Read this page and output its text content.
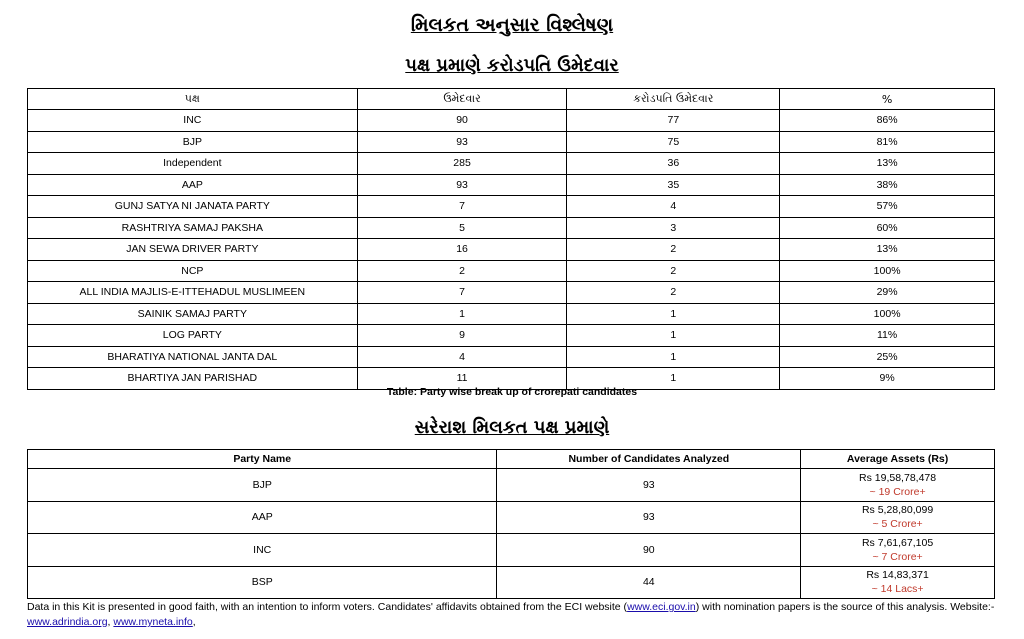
મિલકત અનુસાર વિશ્લેષણ
પક્ષ પ્રમાણે કરોડપતિ ઉમેદવાર
પક્ષ	ઉમેદવાર	કરોડપતિ ઉમેદવાર	%
INC	90	77	86%
BJP	93	75	81%
Independent	285	36	13%
AAP	93	35	38%
GUNJ SATYA NI JANATA PARTY	7	4	57%
RASHTRIYA SAMAJ PAKSHA	5	3	60%
JAN SEWA DRIVER PARTY	16	2	13%
NCP	2	2	100%
ALL INDIA MAJLIS-E-ITTEHADUL MUSLIMEEN	7	2	29%
SAINIK SAMAJ PARTY	1	1	100%
LOG PARTY	9	1	11%
BHARATIYA NATIONAL JANTA DAL	4	1	25%
BHARTIYA JAN PARISHAD	11	1	9%
Table: Party wise break up of crorepati candidates
સરેરાશ મિલકત પક્ષ પ્રમાણે
Party Name	Number of Candidates Analyzed	Average Assets (Rs)
BJP	93	Rs 19,58,78,478
~ 19 Crore+

AAP	93	Rs 5,28,80,099
~ 5 Crore+

INC	90	Rs 7,61,67,105
~ 7 Crore+

BSP	44	Rs 14,83,371
~ 14 Lacs+
Data in this Kit is presented in good faith, with an intention to inform voters. Candidates' affidavits obtained from the ECI website (www.eci.gov.in) with nomination papers is the source of this analysis. Website:-www.adrindia.org, www.myneta.info,
